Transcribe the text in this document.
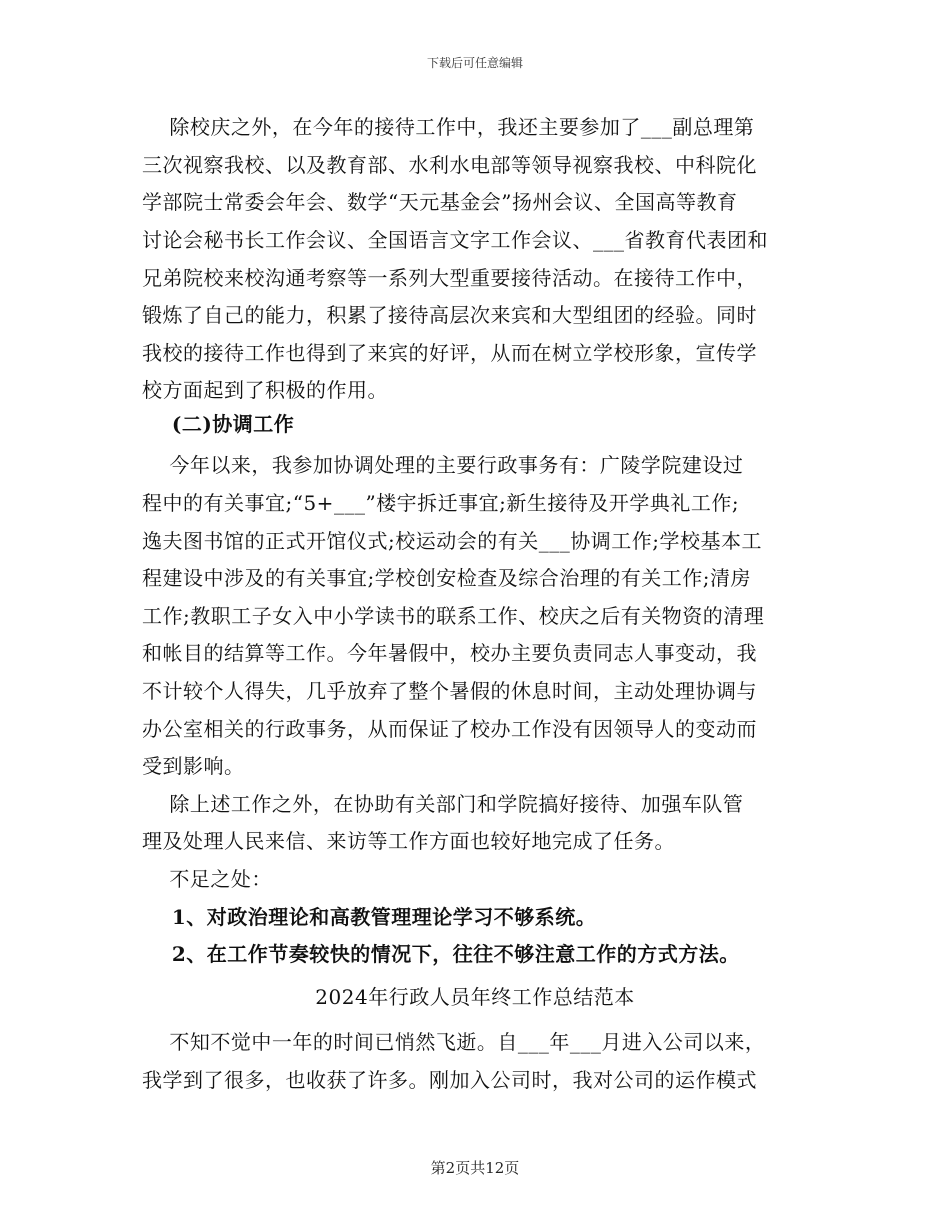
下载后可任意编辑
除校庆之外，在今年的接待工作中，我还主要参加了___副总理第
三次视察我校、以及教育部、水利水电部等领导视察我校、中科院化
学部院士常委会年会、数学“天元基金会”扬州会议、全国高等教育
讨论会秘书长工作会议、全国语言文字工作会议、___省教育代表团和
兄弟院校来校沟通考察等一系列大型重要接待活动。在接待工作中，
锻炼了自己的能力，积累了接待高层次来宾和大型组团的经验。同时
我校的接待工作也得到了来宾的好评，从而在树立学校形象，宣传学
校方面起到了积极的作用。
(二)协调工作
今年以来，我参加协调处理的主要行政事务有：广陵学院建设过
程中的有关事宜;“5+___”楼宇拆迁事宜;新生接待及开学典礼工作;
逸夫图书馆的正式开馆仪式;校运动会的有关___协调工作;学校基本工
程建设中涉及的有关事宜;学校创安检查及综合治理的有关工作;清房
工作;教职工子女入中小学读书的联系工作、校庆之后有关物资的清理
和帐目的结算等工作。今年暑假中，校办主要负责同志人事变动，我
不计较个人得失，几乎放弃了整个暑假的休息时间，主动处理协调与
办公室相关的行政事务，从而保证了校办工作没有因领导人的变动而
受到影响。
除上述工作之外，在协助有关部门和学院搞好接待、加强车队管
理及处理人民来信、来访等工作方面也较好地完成了任务。
不足之处：
1、对政治理论和高教管理理论学习不够系统。
2、在工作节奏较快的情况下，往往不够注意工作的方式方法。
2024年行政人员年终工作总结范本
不知不觉中一年的时间已悄然飞逝。自___年___月进入公司以来，
我学到了很多，也收获了许多。刚加入公司时，我对公司的运作模式
第2页共12页
